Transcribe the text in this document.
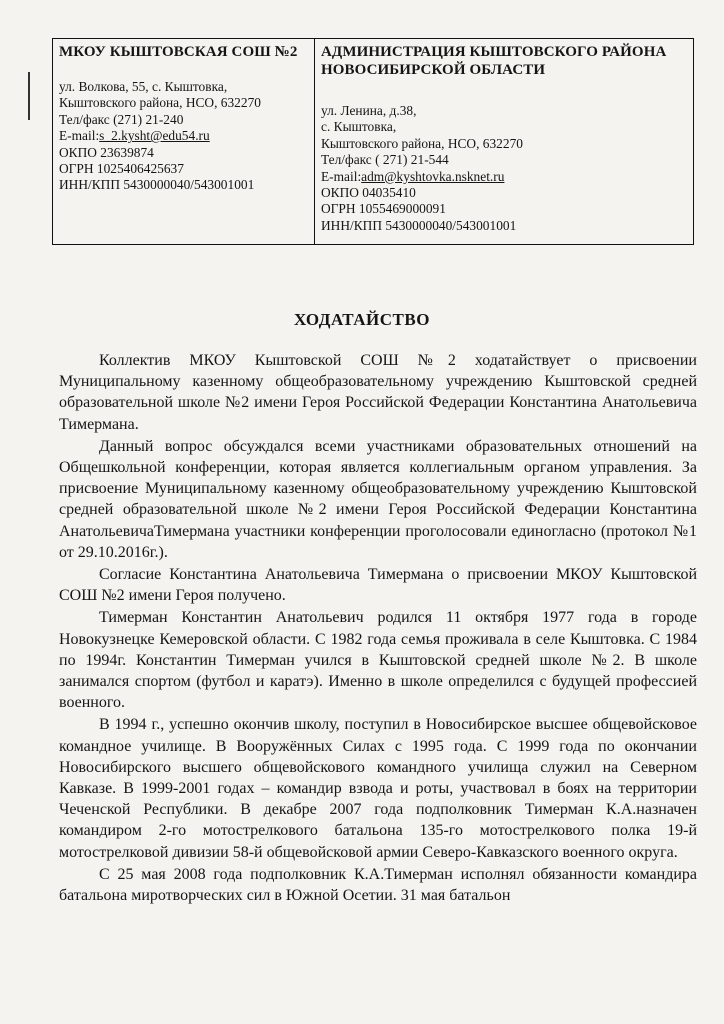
МКОУ КЫШТОВСКАЯ СОШ №2
ул. Волкова, 55, с. Кыштовка,
Кыштовского района, НСО, 632270
Тел/факс (271) 21-240
E-mail:s_2.kysht@edu54.ru
ОКПО 23639874
ОГРН 1025406425637
ИНН/КПП 5430000040/543001001
АДМИНИСТРАЦИЯ КЫШТОВСКОГО РАЙОНА
НОВОСИБИРСКОЙ ОБЛАСТИ
ул. Ленина, д.38,
с. Кыштовка,
Кыштовского района, НСО, 632270
Тел/факс ( 271) 21-544
E-mail:adm@kyshtovka.nsknet.ru
ОКПО 04035410
ОГРН 1055469000091
ИНН/КПП 5430000040/543001001
ХОДАТАЙСТВО

Коллектив МКОУ Кыштовской СОШ №2 ходатайствует о присвоении Муниципальному казенному общеобразовательному учреждению Кыштовской средней образовательной школе №2 имени Героя Российской Федерации Константина Анатольевича Тимермана.

Данный вопрос обсуждался всеми участниками образовательных отношений на Общешкольной конференции, которая является коллегиальным органом управления. За присвоение Муниципальному казенному общеобразовательному учреждению Кыштовской средней образовательной школе №2 имени Героя Российской Федерации Константина АнатольевичаТимермана участники конференции проголосовали единогласно (протокол №1 от 29.10.2016г.).

Согласие Константина Анатольевича Тимермана о присвоении МКОУ Кыштовской СОШ №2 имени Героя получено.

Тимерман Константин Анатольевич родился 11 октября 1977 года в городе Новокузнецке Кемеровской области. С 1982 года семья проживала в селе Кыштовка. С 1984 по 1994г. Константин Тимерман учился в Кыштовской средней школе №2. В школе занимался спортом (футбол и каратэ). Именно в школе определился с будущей профессией военного.

В 1994 г., успешно окончив школу, поступил в Новосибирское высшее общевойсковое командное училище. В Вооружённых Силах с 1995 года. С 1999 года по окончании Новосибирского высшего общевойскового командного училища служил на Северном Кавказе. В 1999-2001 годах – командир взвода и роты, участвовал в боях на территории Чеченской Республики. В декабре 2007 года подполковник Тимерман К.А.назначен командиром 2-го мотострелкового батальона 135-го мотострелкового полка 19-й мотострелковой дивизии 58-й общевойсковой армии Северо-Кавказского военного округа.

С 25 мая 2008 года подполковник К.А.Тимерман исполнял обязанности командира батальона миротворческих сил в Южной Осетии. 31 мая батальон
